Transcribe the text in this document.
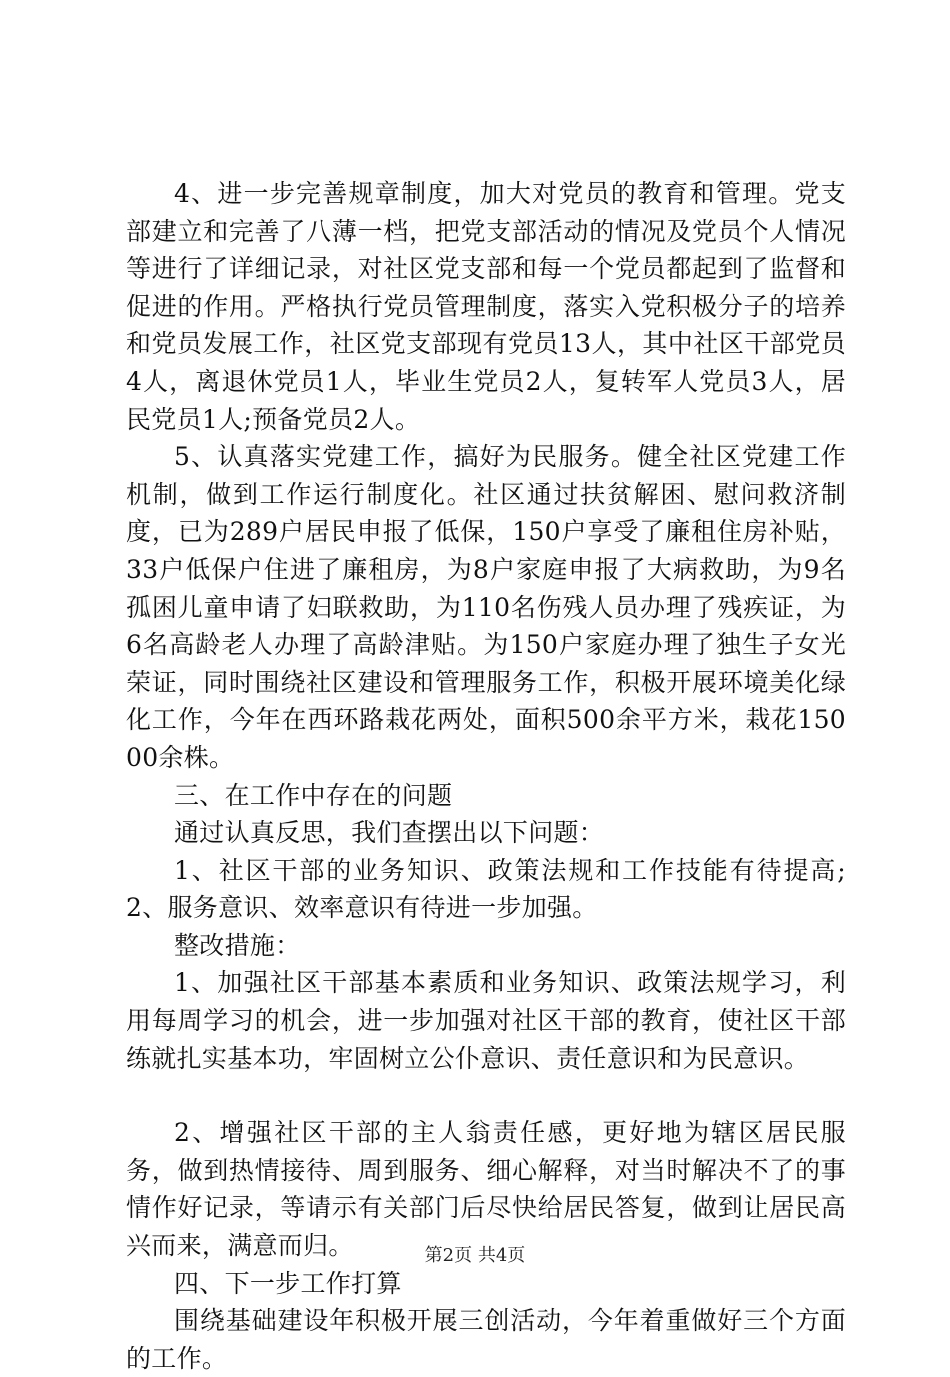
4、进一步完善规章制度，加大对党员的教育和管理。党支部建立和完善了八薄一档，把党支部活动的情况及党员个人情况等进行了详细记录，对社区党支部和每一个党员都起到了监督和促进的作用。严格执行党员管理制度，落实入党积极分子的培养和党员发展工作，社区党支部现有党员13人，其中社区干部党员4人，离退休党员1人，毕业生党员2人，复转军人党员3人，居民党员1人;预备党员2人。

5、认真落实党建工作，搞好为民服务。健全社区党建工作机制，做到工作运行制度化。社区通过扶贫解困、慰问救济制度，已为289户居民申报了低保，150户享受了廉租住房补贴，33户低保户住进了廉租房，为8户家庭申报了大病救助，为9名孤困儿童申请了妇联救助，为110名伤残人员办理了残疾证，为6名高龄老人办理了高龄津贴。为150户家庭办理了独生子女光荣证，同时围绕社区建设和管理服务工作，积极开展环境美化绿化工作，今年在西环路栽花两处，面积500余平方米，栽花15000余株。

三、在工作中存在的问题

通过认真反思，我们查摆出以下问题：

1、社区干部的业务知识、政策法规和工作技能有待提高;2、服务意识、效率意识有待进一步加强。

整改措施：

1、加强社区干部基本素质和业务知识、政策法规学习，利用每周学习的机会，进一步加强对社区干部的教育，使社区干部练就扎实基本功，牢固树立公仆意识、责任意识和为民意识。

2、增强社区干部的主人翁责任感，更好地为辖区居民服务，做到热情接待、周到服务、细心解释，对当时解决不了的事情作好记录，等请示有关部门后尽快给居民答复，做到让居民高兴而来，满意而归。

四、下一步工作打算

围绕基础建设年积极开展三创活动，今年着重做好三个方面的工作。

第2页 共4页
